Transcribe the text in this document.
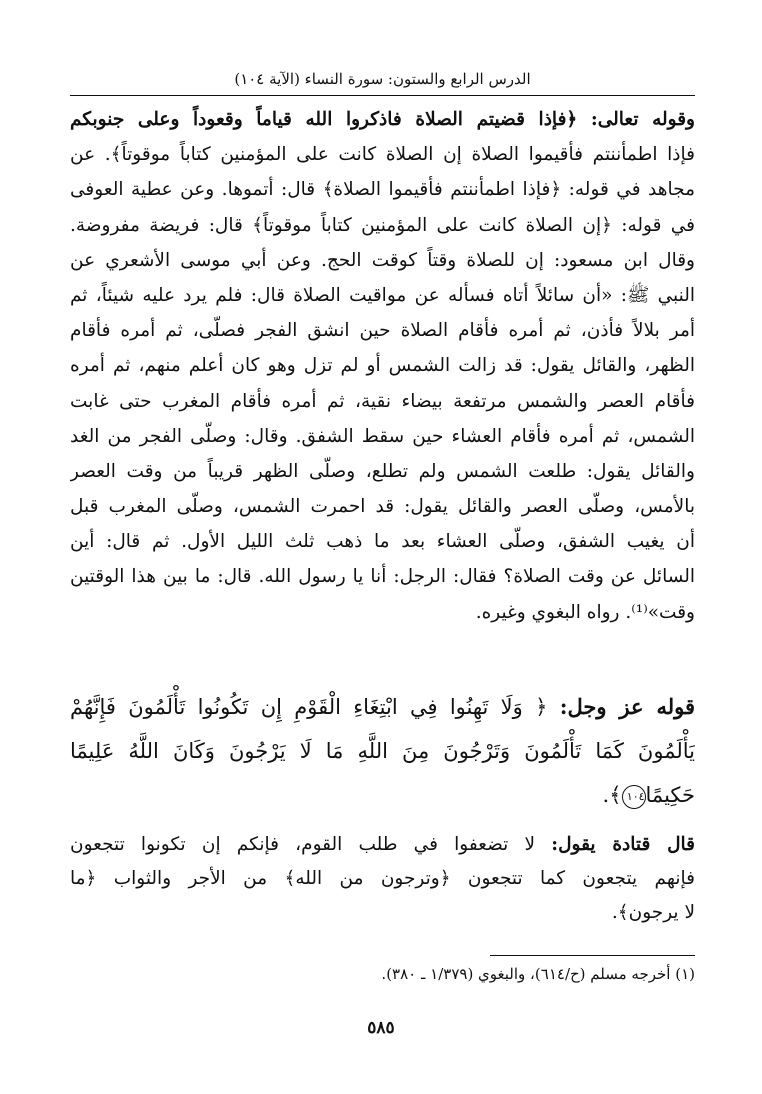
الدرس الرابع والستون: سورة النساء (الآية ١٠٤)
وقوله تعالى: ﴿فإذا قضيتم الصلاة فاذكروا الله قياماً وقعوداً وعلى جنوبكم
فإذا اطمأننتم فأقيموا الصلاة إن الصلاة كانت على المؤمنين كتاباً موقوتاً﴾. عن
مجاهد في قوله: ﴿فإذا اطمأننتم فأقيموا الصلاة﴾ قال: أتموها. وعن عطية العوفى
في قوله: ﴿إن الصلاة كانت على المؤمنين كتاباً موقوتاً﴾ قال: فريضة مفروضة.
وقال ابن مسعود: إن للصلاة وقتاً كوقت الحج. وعن أبي موسى الأشعري عن
النبي ﷺ: «أن سائلاً أتاه فسأله عن مواقيت الصلاة قال: فلم يرد عليه شيئاً، ثم
أمر بلالاً فأذن، ثم أمره فأقام الصلاة حين انشق الفجر فصلّى، ثم أمره فأقام
الظهر، والقائل يقول: قد زالت الشمس أو لم تزل وهو كان أعلم منهم، ثم أمره
فأقام العصر والشمس مرتفعة بيضاء نقية، ثم أمره فأقام المغرب حتى غابت
الشمس، ثم أمره فأقام العشاء حين سقط الشفق. وقال: وصلّى الفجر من الغد
والقائل يقول: طلعت الشمس ولم تطلع، وصلّى الظهر قريباً من وقت العصر
بالأمس، وصلّى العصر والقائل يقول: قد احمرت الشمس، وصلّى المغرب قبل
أن يغيب الشفق، وصلّى العشاء بعد ما ذهب ثلث الليل الأول. ثم قال: أين
السائل عن وقت الصلاة؟ فقال: الرجل: أنا يا رسول الله. قال: ما بين هذا الوقتين
وقت»⁽¹⁾. رواه البغوي وغيره.
قوله عز وجل: ﴿ وَلَا تَهِنُوا فِي ابْتِغَاءِ الْقَوْمِ إِن تَكُونُوا تَأْلَمُونَ فَإِنَّهُمْ
يَأْلَمُونَ كَمَا تَأْلَمُونَ وَتَرْجُونَ مِنَ اللَّهِ مَا لَا يَرْجُونَ وَكَانَ اللَّهُ عَلِيمًا
حَكِيمًا١٠٤﴾.
قال قتادة يقول: لا تضعفوا في طلب القوم، فإنكم إن تكونوا تتجعون
فإنهم يتجعون كما تتجعون ﴿وترجون من الله﴾ من الأجر والثواب ﴿ما
لا يرجون﴾.
(١) أخرجه مسلم (ح/٦١٤)، والبغوي (١/٣٧٩ ـ ٣٨٠).
٥٨٥
